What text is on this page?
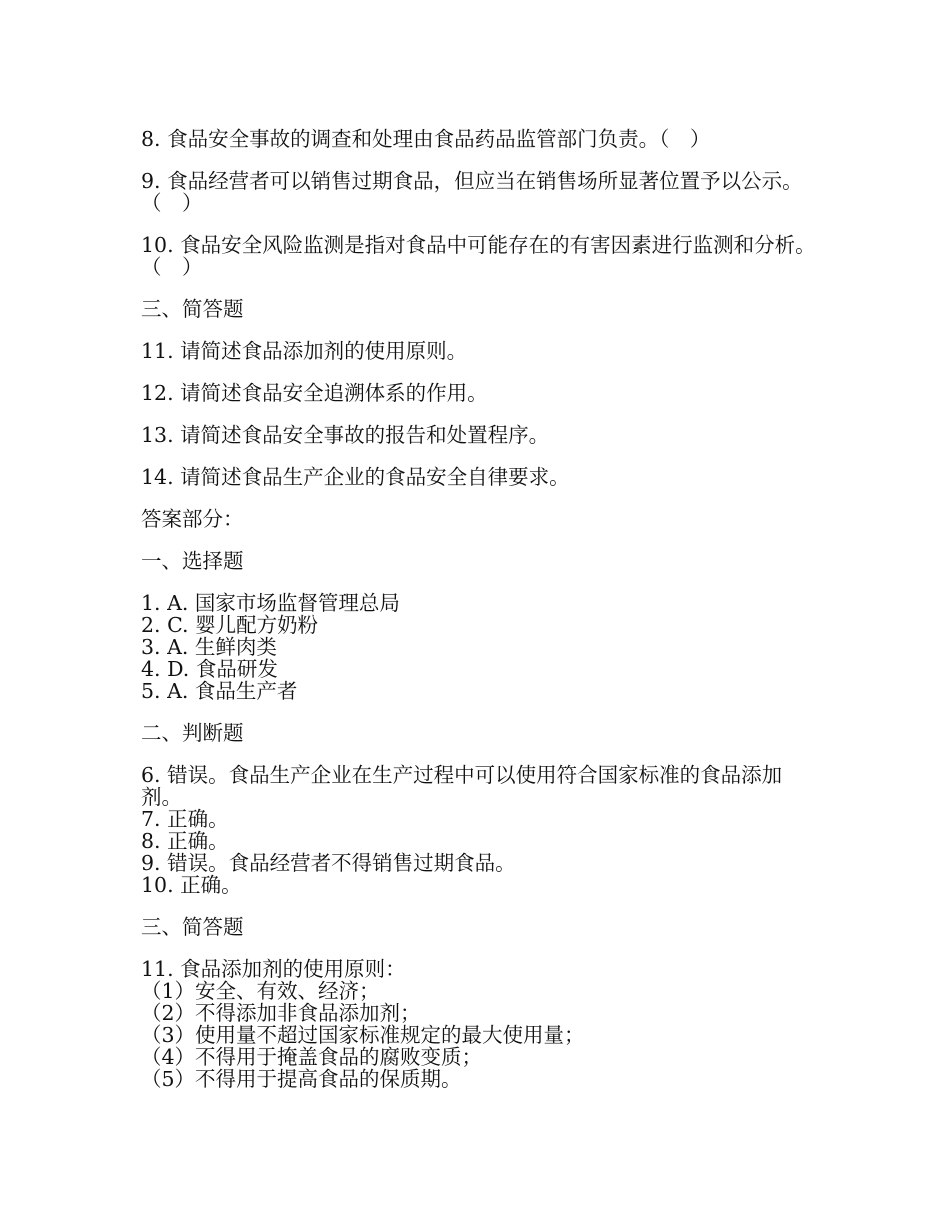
8. 食品安全事故的调查和处理由食品药品监管部门负责。（　）

9. 食品经营者可以销售过期食品，但应当在销售场所显著位置予以公示。（　）

10. 食品安全风险监测是指对食品中可能存在的有害因素进行监测和分析。（　）

三、简答题

11. 请简述食品添加剂的使用原则。

12. 请简述食品安全追溯体系的作用。

13. 请简述食品安全事故的报告和处置程序。

14. 请简述食品生产企业的食品安全自律要求。

答案部分：

一、选择题

1. A. 国家市场监督管理总局
2. C. 婴儿配方奶粉
3. A. 生鲜肉类
4. D. 食品研发
5. A. 食品生产者

二、判断题

6. 错误。食品生产企业在生产过程中可以使用符合国家标准的食品添加剂。
7. 正确。
8. 正确。
9. 错误。食品经营者不得销售过期食品。
10. 正确。

三、简答题

11. 食品添加剂的使用原则：
（1）安全、有效、经济；
（2）不得添加非食品添加剂；
（3）使用量不超过国家标准规定的最大使用量；
（4）不得用于掩盖食品的腐败变质；
（5）不得用于提高食品的保质期。
